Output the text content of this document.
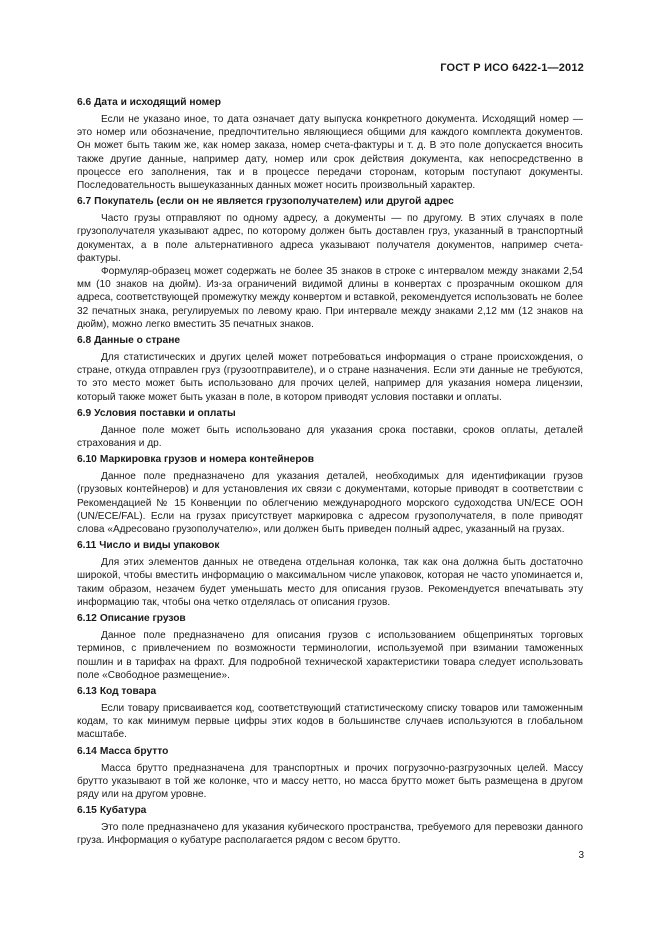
ГОСТ Р ИСО 6422-1—2012
6.6 Дата и исходящий номер

Если не указано иное, то дата означает дату выпуска конкретного документа. Исходящий номер — это номер или обозначение, предпочтительно являющиеся общими для каждого комплекта документов. Он может быть таким же, как номер заказа, номер счета-фактуры и т. д. В это поле допускается вносить также другие данные, например дату, номер или срок действия документа, как непосредственно в процессе его заполнения, так и в процессе передачи сторонам, которым поступают документы. Последовательность вышеуказанных данных может носить произвольный характер.

6.7 Покупатель (если он не является грузополучателем) или другой адрес

Часто грузы отправляют по одному адресу, а документы — по другому. В этих случаях в поле грузополучателя указывают адрес, по которому должен быть доставлен груз, указанный в транспортный документах, а в поле альтернативного адреса указывают получателя документов, например счета-фактуры.

Формуляр-образец может содержать не более 35 знаков в строке с интервалом между знаками 2,54 мм (10 знаков на дюйм). Из-за ограничений видимой длины в конвертах с прозрачным окошком для адреса, соответствующей промежутку между конвертом и вставкой, рекомендуется использовать не более 32 печатных знака, регулируемых по левому краю. При интервале между знаками 2,12 мм (12 знаков на дюйм), можно легко вместить 35 печатных знаков.

6.8 Данные о стране

Для статистических и других целей может потребоваться информация о стране происхождения, о стране, откуда отправлен груз (грузоотправителе), и о стране назначения. Если эти данные не требуются, то это место может быть использовано для прочих целей, например для указания номера лицензии, который также может быть указан в поле, в котором приводят условия поставки и оплаты.

6.9 Условия поставки и оплаты

Данное поле может быть использовано для указания срока поставки, сроков оплаты, деталей страхования и др.

6.10 Маркировка грузов и номера контейнеров

Данное поле предназначено для указания деталей, необходимых для идентификации грузов (грузовых контейнеров) и для установления их связи с документами, которые приводят в соответствии с Рекомендацией № 15 Конвенции по облегчению международного морского судоходства UN/ECE OOH (UN/ECE/FAL). Если на грузах присутствует маркировка с адресом грузополучателя, в поле приводят слова «Адресовано грузополучателю», или должен быть приведен полный адрес, указанный на грузах.

6.11 Число и виды упаковок

Для этих элементов данных не отведена отдельная колонка, так как она должна быть достаточно широкой, чтобы вместить информацию о максимальном числе упаковок, которая не часто упоминается и, таким образом, незачем будет уменьшать место для описания грузов. Рекомендуется впечатывать эту информацию так, чтобы она четко отделялась от описания грузов.

6.12 Описание грузов

Данное поле предназначено для описания грузов с использованием общепринятых торговых терминов, с привлечением по возможности терминологии, используемой при взимании таможенных пошлин и в тарифах на фрахт. Для подробной технической характеристики товара следует использовать поле «Свободное размещение».

6.13 Код товара

Если товару присваивается код, соответствующий статистическому списку товаров или таможенным кодам, то как минимум первые цифры этих кодов в большинстве случаев используются в глобальном масштабе.

6.14 Масса брутто

Масса брутто предназначена для транспортных и прочих погрузочно-разгрузочных целей. Массу брутто указывают в той же колонке, что и массу нетто, но масса брутто может быть размещена в другом ряду или на другом уровне.

6.15 Кубатура

Это поле предназначено для указания кубического пространства, требуемого для перевозки данного груза. Информация о кубатуре располагается рядом с весом брутто.

3
